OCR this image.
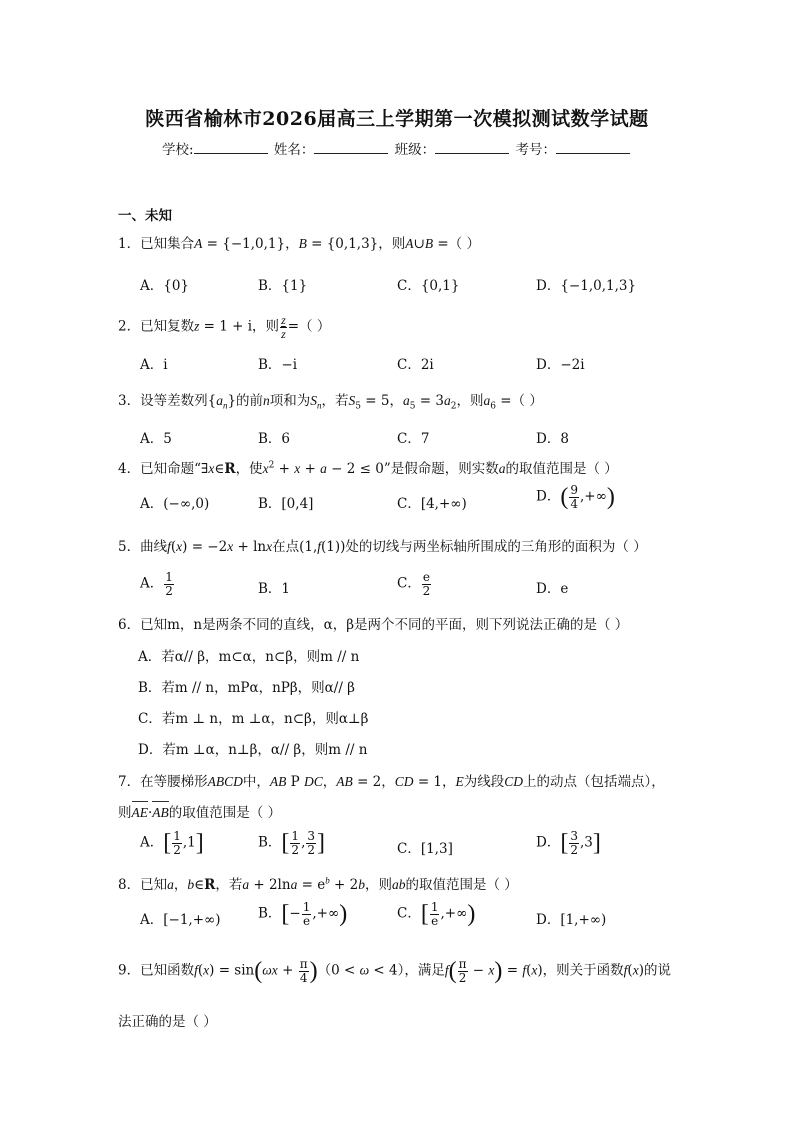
陕西省榆林市2026届高三上学期第一次模拟测试数学试题
学校:	姓名：	班级：	考号：
一、未知
1．已知集合A = {−1,0,1}，B = {0,1,3}，则A∪B =（ ）
A．{0}	B．{1}	C．{0,1}	D．{−1,0,1,3}
2．已知复数z = 1 + i，则 $\frac{z}{z}$ =（ ）
A．i	B．−i	C．2i	D．−2i
3．设等差数列$\{a_n\}$的前n项和为$S_n$，若$S_5 = 5$，$a_5 = 3a_2$，则$a_6$ =（ ）
A．5	B．6	C．7	D．8
4．已知命题“∃x∈R，使$x^2 + x + a - 2 \le 0$”是假命题，则实数a的取值范围是（ ）
A．(−∞,0)	B．[0,4]	C．[4,+∞)	D．( $\frac{9}{4}$ ,+∞)
5．曲线f(x) = −2x + lnx在点(1,f(1))处的切线与两坐标轴所围成的三角形的面积为（ ）
A． $\frac{1}{2}$	B．1	C． $\frac{e}{2}$	D．e
6．已知m，n是两条不同的直线，α，β是两个不同的平面，则下列说法正确的是（ ）
A．若α// β，m⊂α，n⊂β，则m // n
B．若m // n，mPα，nPβ，则α// β
C．若m ⊥ n，m ⊥α，n⊂β，则α⊥β
D．若m ⊥α，n⊥β，α// β，则m // n
7．在等腰梯形ABCD中，AB P DC，AB = 2，CD = 1，E为线段CD上的动点（包括端点），
则AE·AB的取值范围是（ ）
A．[ $\frac{1}{2} ,1$]	B．[ $\frac{1}{2}$ , $\frac{3}{2}$ ]	C．[1,3]	D．[ $\frac{3}{2} ,3$]
8．已知a，b∈R，若$a + 2\ln a = e^b + 2b$，则ab的取值范围是（ ）
A．[−1,+∞)	B．[− $\frac{1}{e}$ ,+∞)	C．[ $\frac{1}{e}$ ,+∞)	D．[1,+∞)
9．已知函数$f(x) = \sin(\omega x + \frac{\pi}{4} )(0 < \omega < 4)$，满足$f( \frac{\pi}{2} - x) = f(x)$，则关于函数f(x)的说
法正确的是（ ）
